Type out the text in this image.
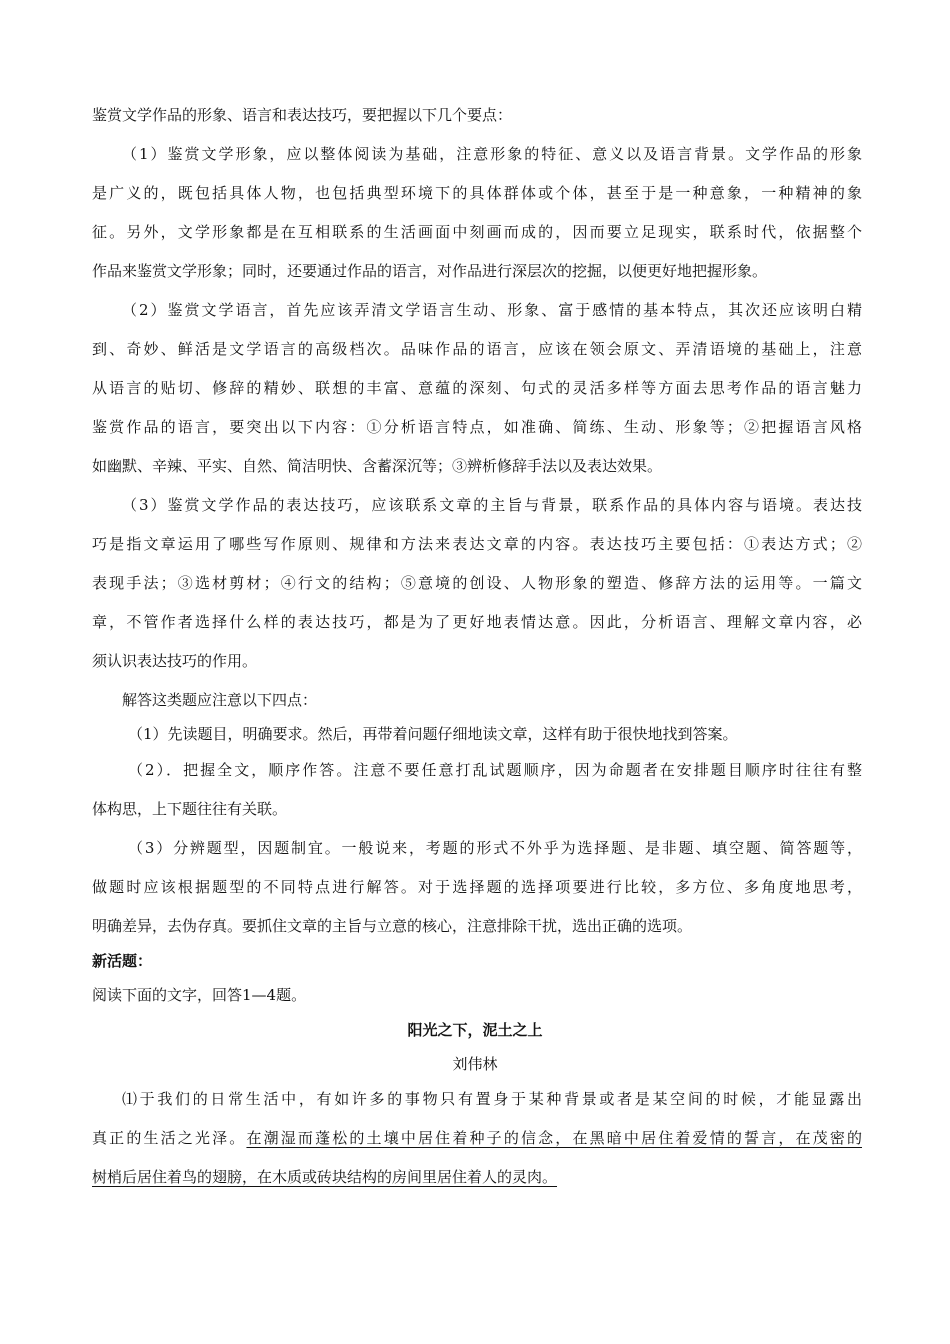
鉴赏文学作品的形象、语言和表达技巧，要把握以下几个要点：
（1）鉴赏文学形象，应以整体阅读为基础，注意形象的特征、意义以及语言背景。文学作品的形象
是广义的，既包括具体人物，也包括典型环境下的具体群体或个体，甚至于是一种意象，一种精神的象
征。另外，文学形象都是在互相联系的生活画面中刻画而成的，因而要立足现实，联系时代，依据整个
作品来鉴赏文学形象；同时，还要通过作品的语言，对作品进行深层次的挖掘，以便更好地把握形象。
（2）鉴赏文学语言，首先应该弄清文学语言生动、形象、富于感情的基本特点，其次还应该明白精
到、奇妙、鲜活是文学语言的高级档次。品味作品的语言，应该在领会原文、弄清语境的基础上，注意
从语言的贴切、修辞的精妙、联想的丰富、意蕴的深刻、句式的灵活多样等方面去思考作品的语言魅力
鉴赏作品的语言，要突出以下内容：①分析语言特点，如准确、简练、生动、形象等；②把握语言风格
如幽默、辛辣、平实、自然、简洁明快、含蓄深沉等；③辨析修辞手法以及表达效果。
（3）鉴赏文学作品的表达技巧，应该联系文章的主旨与背景，联系作品的具体内容与语境。表达技
巧是指文章运用了哪些写作原则、规律和方法来表达文章的内容。表达技巧主要包括：①表达方式；②
表现手法；③选材剪材；④行文的结构；⑤意境的创设、人物形象的塑造、修辞方法的运用等。一篇文
章，不管作者选择什么样的表达技巧，都是为了更好地表情达意。因此，分析语言、理解文章内容，必
须认识表达技巧的作用。
解答这类题应注意以下四点：
（1）先读题目，明确要求。然后，再带着问题仔细地读文章，这样有助于很快地找到答案。
（2）．把握全文，顺序作答。注意不要任意打乱试题顺序，因为命题者在安排题目顺序时往往有整
体构思，上下题往往有关联。
（3）分辨题型，因题制宜。一般说来，考题的形式不外乎为选择题、是非题、填空题、简答题等，
做题时应该根据题型的不同特点进行解答。对于选择题的选择项要进行比较，多方位、多角度地思考，
明确差异，去伪存真。要抓住文章的主旨与立意的核心，注意排除干扰，选出正确的选项。
新活题：
阅读下面的文字，回答1—4题。
阳光之下，泥土之上
刘伟林
⑴于我们的日常生活中，有如许多的事物只有置身于某种背景或者是某空间的时候，才能显露出
真正的生活之光泽。在潮湿而蓬松的土壤中居住着种子的信念，在黑暗中居住着爱情的誓言，在茂密的
树梢后居住着鸟的翅膀，在木质或砖块结构的房间里居住着人的灵肉。
